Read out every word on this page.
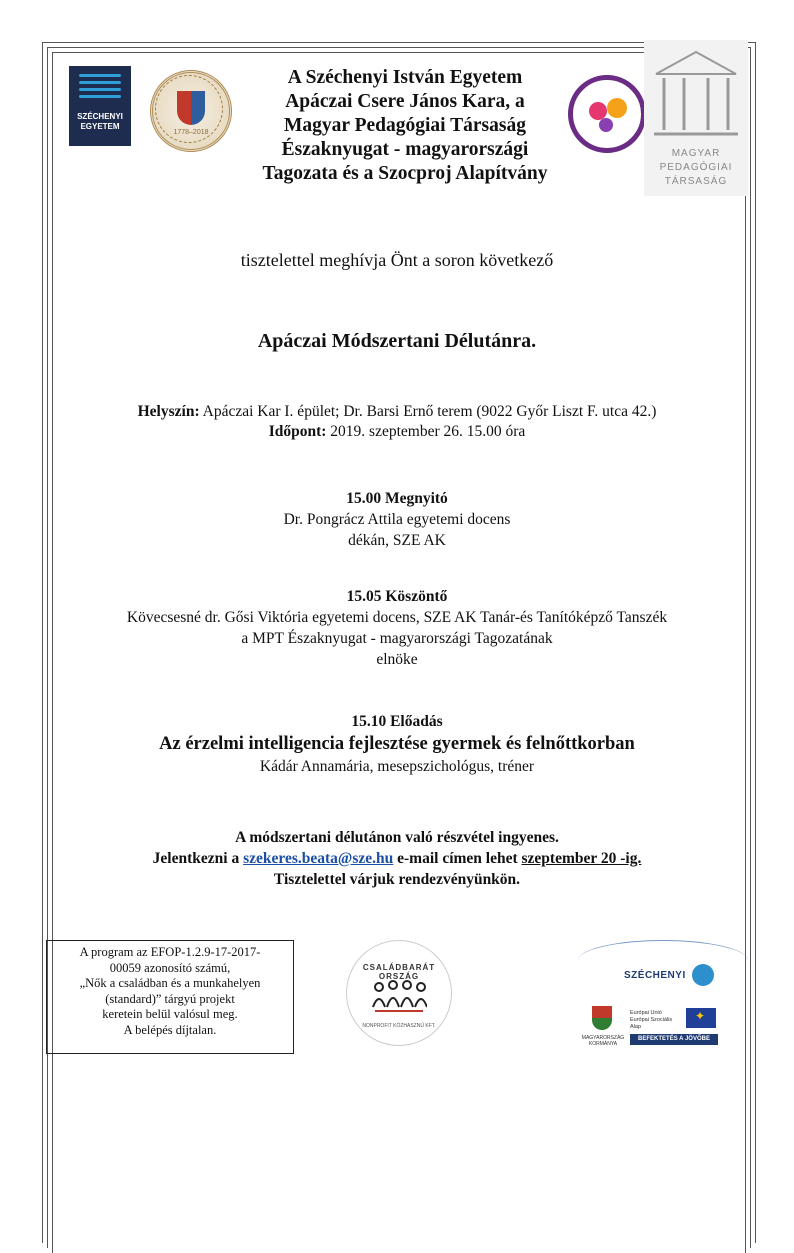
SZÉCHENYI
EGYETEM
1778–2018
A Széchenyi István Egyetem
Apáczai Csere János Kara, a
Magyar Pedagógiai Társaság
Északnyugat - magyarországi
Tagozata és a Szocproj Alapítvány
MAGYAR
PEDAGÓGIAI
TÁRSASÁG
tisztelettel meghívja Önt a soron következő
Apáczai Módszertani Délutánra.
Helyszín: Apáczai Kar I. épület; Dr. Barsi Ernő terem (9022 Győr Liszt F. utca 42.)
Időpont: 2019. szeptember 26. 15.00 óra
15.00 Megnyitó
Dr. Pongrácz Attila egyetemi docens
dékán, SZE AK
15.05 Köszöntő
Kövecsesné dr. Gősi Viktória egyetemi docens, SZE AK Tanár-és Tanítóképző Tanszék
a MPT Északnyugat - magyarországi Tagozatának
elnöke
15.10 Előadás
Az érzelmi intelligencia fejlesztése gyermek és felnőttkorban
Kádár Annamária, mesepszichológus, tréner
A módszertani délutánon való részvétel ingyenes.
Jelentkezni a szekeres.beata@sze.hu e-mail címen lehet szeptember 20 -ig.
Tisztelettel várjuk rendezvényünkön.
A program az EFOP-1.2.9-17-2017-
00059 azonosító számú,
„Nők a családban és a munkahelyen
(standard)” tárgyú projekt
keretein belül valósul meg.
A belépés díjtalan.
CSALÁDBARÁT ORSZÁG
NONPROFIT KÖZHASZNÚ KFT.
SZÉCHENYI
MAGYARORSZÁG KORMÁNYA
Európai Unió
Európai Szociális
Alap
✦
BEFEKTETÉS A JÖVŐBE
